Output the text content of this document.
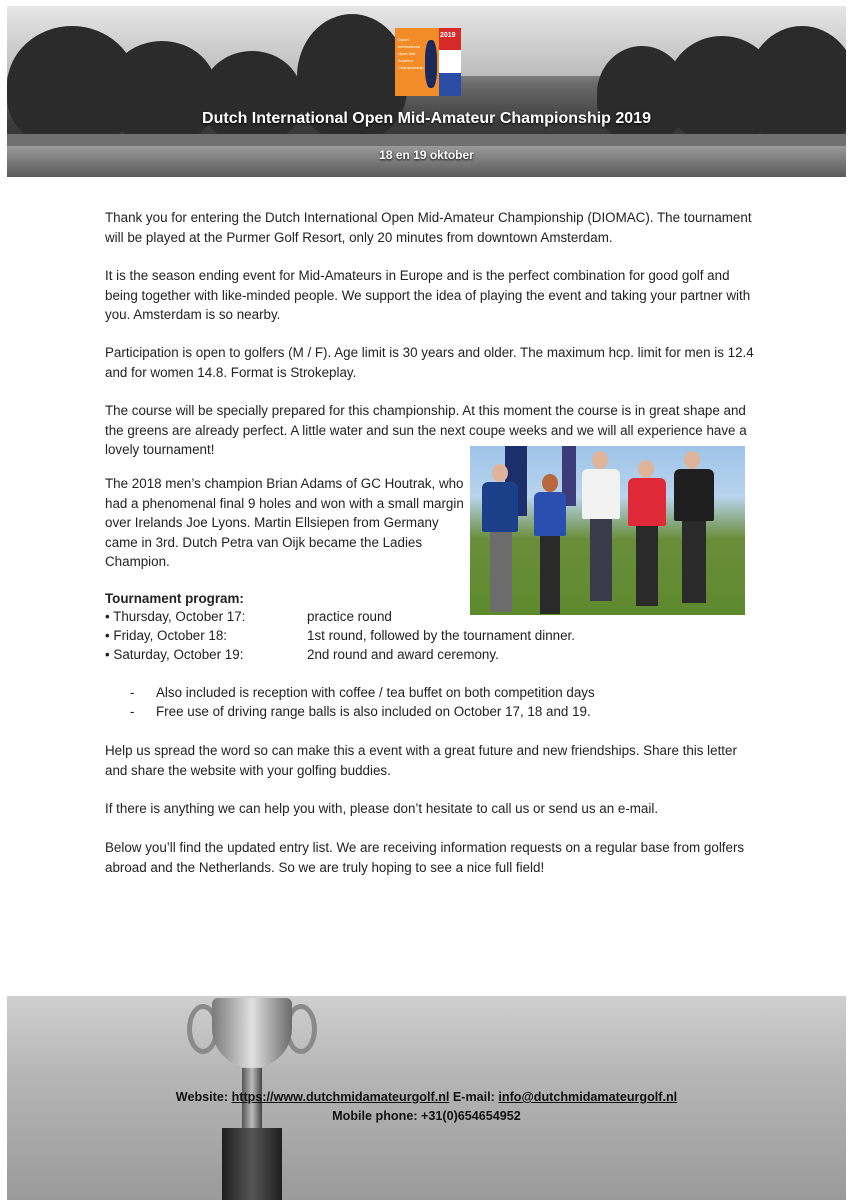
2019
Dutch International Open Mid Amateur Championship
Dutch International Open Mid-Amateur Championship 2019
18 en 19 oktober
Thank you for entering the Dutch International Open Mid-Amateur Championship (DIOMAC). The tournament will be played at the Purmer Golf Resort, only 20 minutes from downtown Amsterdam.
It is the season ending event for Mid-Amateurs in Europe and is the perfect combination for good golf and being together with like-minded people. We support the idea of playing the event and taking your partner with you. Amsterdam is so nearby.
Participation is open to golfers (M / F). Age limit is 30 years and older. The maximum hcp. limit for men is 12.4 and for women 14.8. Format is Strokeplay.
The course will be specially prepared for this championship. At this moment the course is in great shape and the greens are already perfect. A little water and sun the next coupe weeks and we will all experience have a lovely tournament!
The 2018 men’s champion Brian Adams of GC Houtrak, who had a phenomenal final 9 holes and won with a small margin over Irelands Joe Lyons. Martin Ellsiepen from Germany came in 3rd. Dutch Petra van Oijk became the Ladies Champion.
Tournament program:
• Thursday, October 17:	practice round
• Friday, October 18:	1st round, followed by the tournament dinner.
• Saturday, October 19:	2nd round and award ceremony.
- Also included is reception with coffee / tea buffet on both competition days
- Free use of driving range balls is also included on October 17, 18 and 19.
Help us spread the word so can make this a event with a great future and new friendships. Share this letter and share the website with your golfing buddies.
If there is anything we can help you with, please don’t hesitate to call us or send us an e-mail.
Below you’ll find the updated entry list. We are receiving information requests on a regular base from golfers abroad and the Netherlands. So we are truly hoping to see a nice full field!
Website: https://www.dutchmidamateurgolf.nl E-mail: info@dutchmidamateurgolf.nl
Mobile phone: +31(0)654654952
